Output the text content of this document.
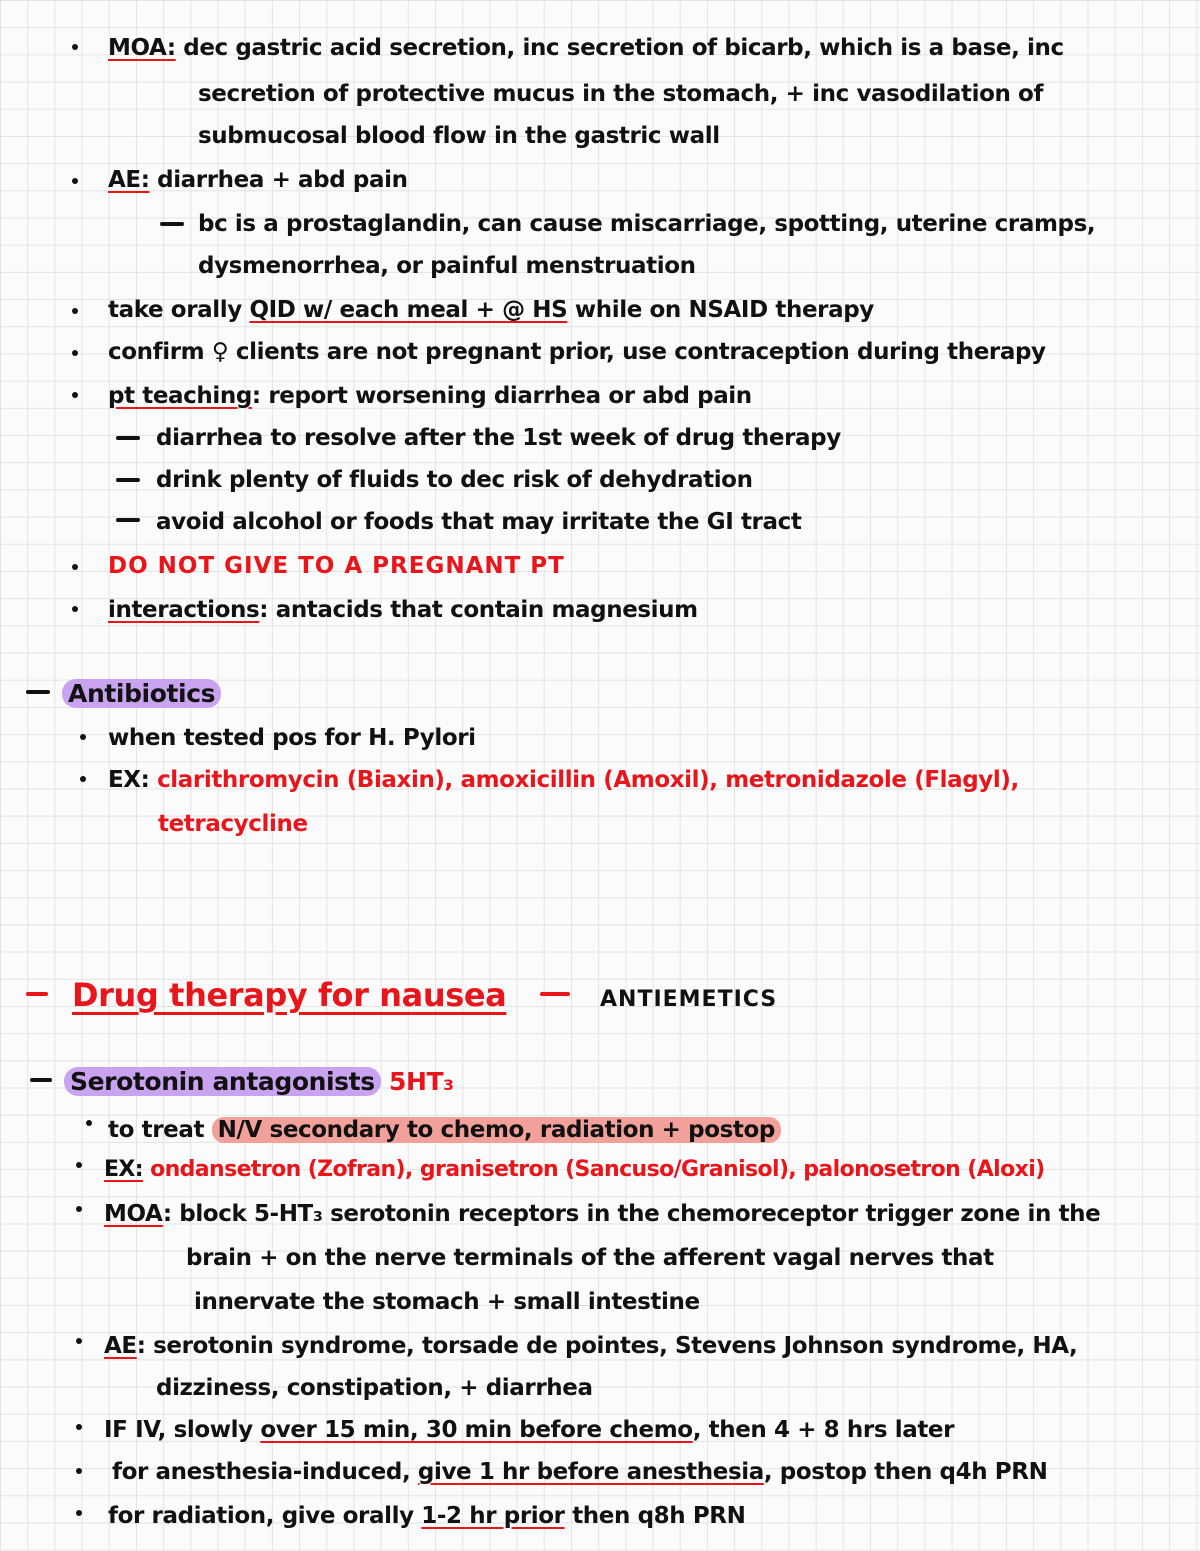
MOA: dec gastric acid secretion, inc secretion of bicarb, which is a base, inc
secretion of protective mucus in the stomach, + inc vasodilation of
submucosal blood flow in the gastric wall
AE: diarrhea + abd pain
bc is a prostaglandin, can cause miscarriage, spotting, uterine cramps,
dysmenorrhea, or painful menstruation
take orally QID w/ each meal + @ HS while on NSAID therapy
confirm ♀ clients are not pregnant prior, use contraception during therapy
pt teaching: report worsening diarrhea or abd pain
diarrhea to resolve after the 1st week of drug therapy
drink plenty of fluids to dec risk of dehydration
avoid alcohol or foods that may irritate the GI tract
DO NOT GIVE TO A PREGNANT PT
interactions: antacids that contain magnesium
Antibiotics
when tested pos for H. Pylori
EX: clarithromycin (Biaxin), amoxicillin (Amoxil), metronidazole (Flagyl),
tetracycline
Drug therapy for nausea	ANTIEMETICS
Serotonin antagonists 5HT₃
to treat N/V secondary to chemo, radiation + postop
EX: ondansetron (Zofran), granisetron (Sancuso/Granisol), palonosetron (Aloxi)
MOA: block 5-HT₃ serotonin receptors in the chemoreceptor trigger zone in the
brain + on the nerve terminals of the afferent vagal nerves that
innervate the stomach + small intestine
AE: serotonin syndrome, torsade de pointes, Stevens Johnson syndrome, HA,
dizziness, constipation, + diarrhea
IF IV, slowly over 15 min, 30 min before chemo, then 4 + 8 hrs later
for anesthesia-induced, give 1 hr before anesthesia, postop then q4h PRN
for radiation, give orally 1-2 hr prior then q8h PRN
